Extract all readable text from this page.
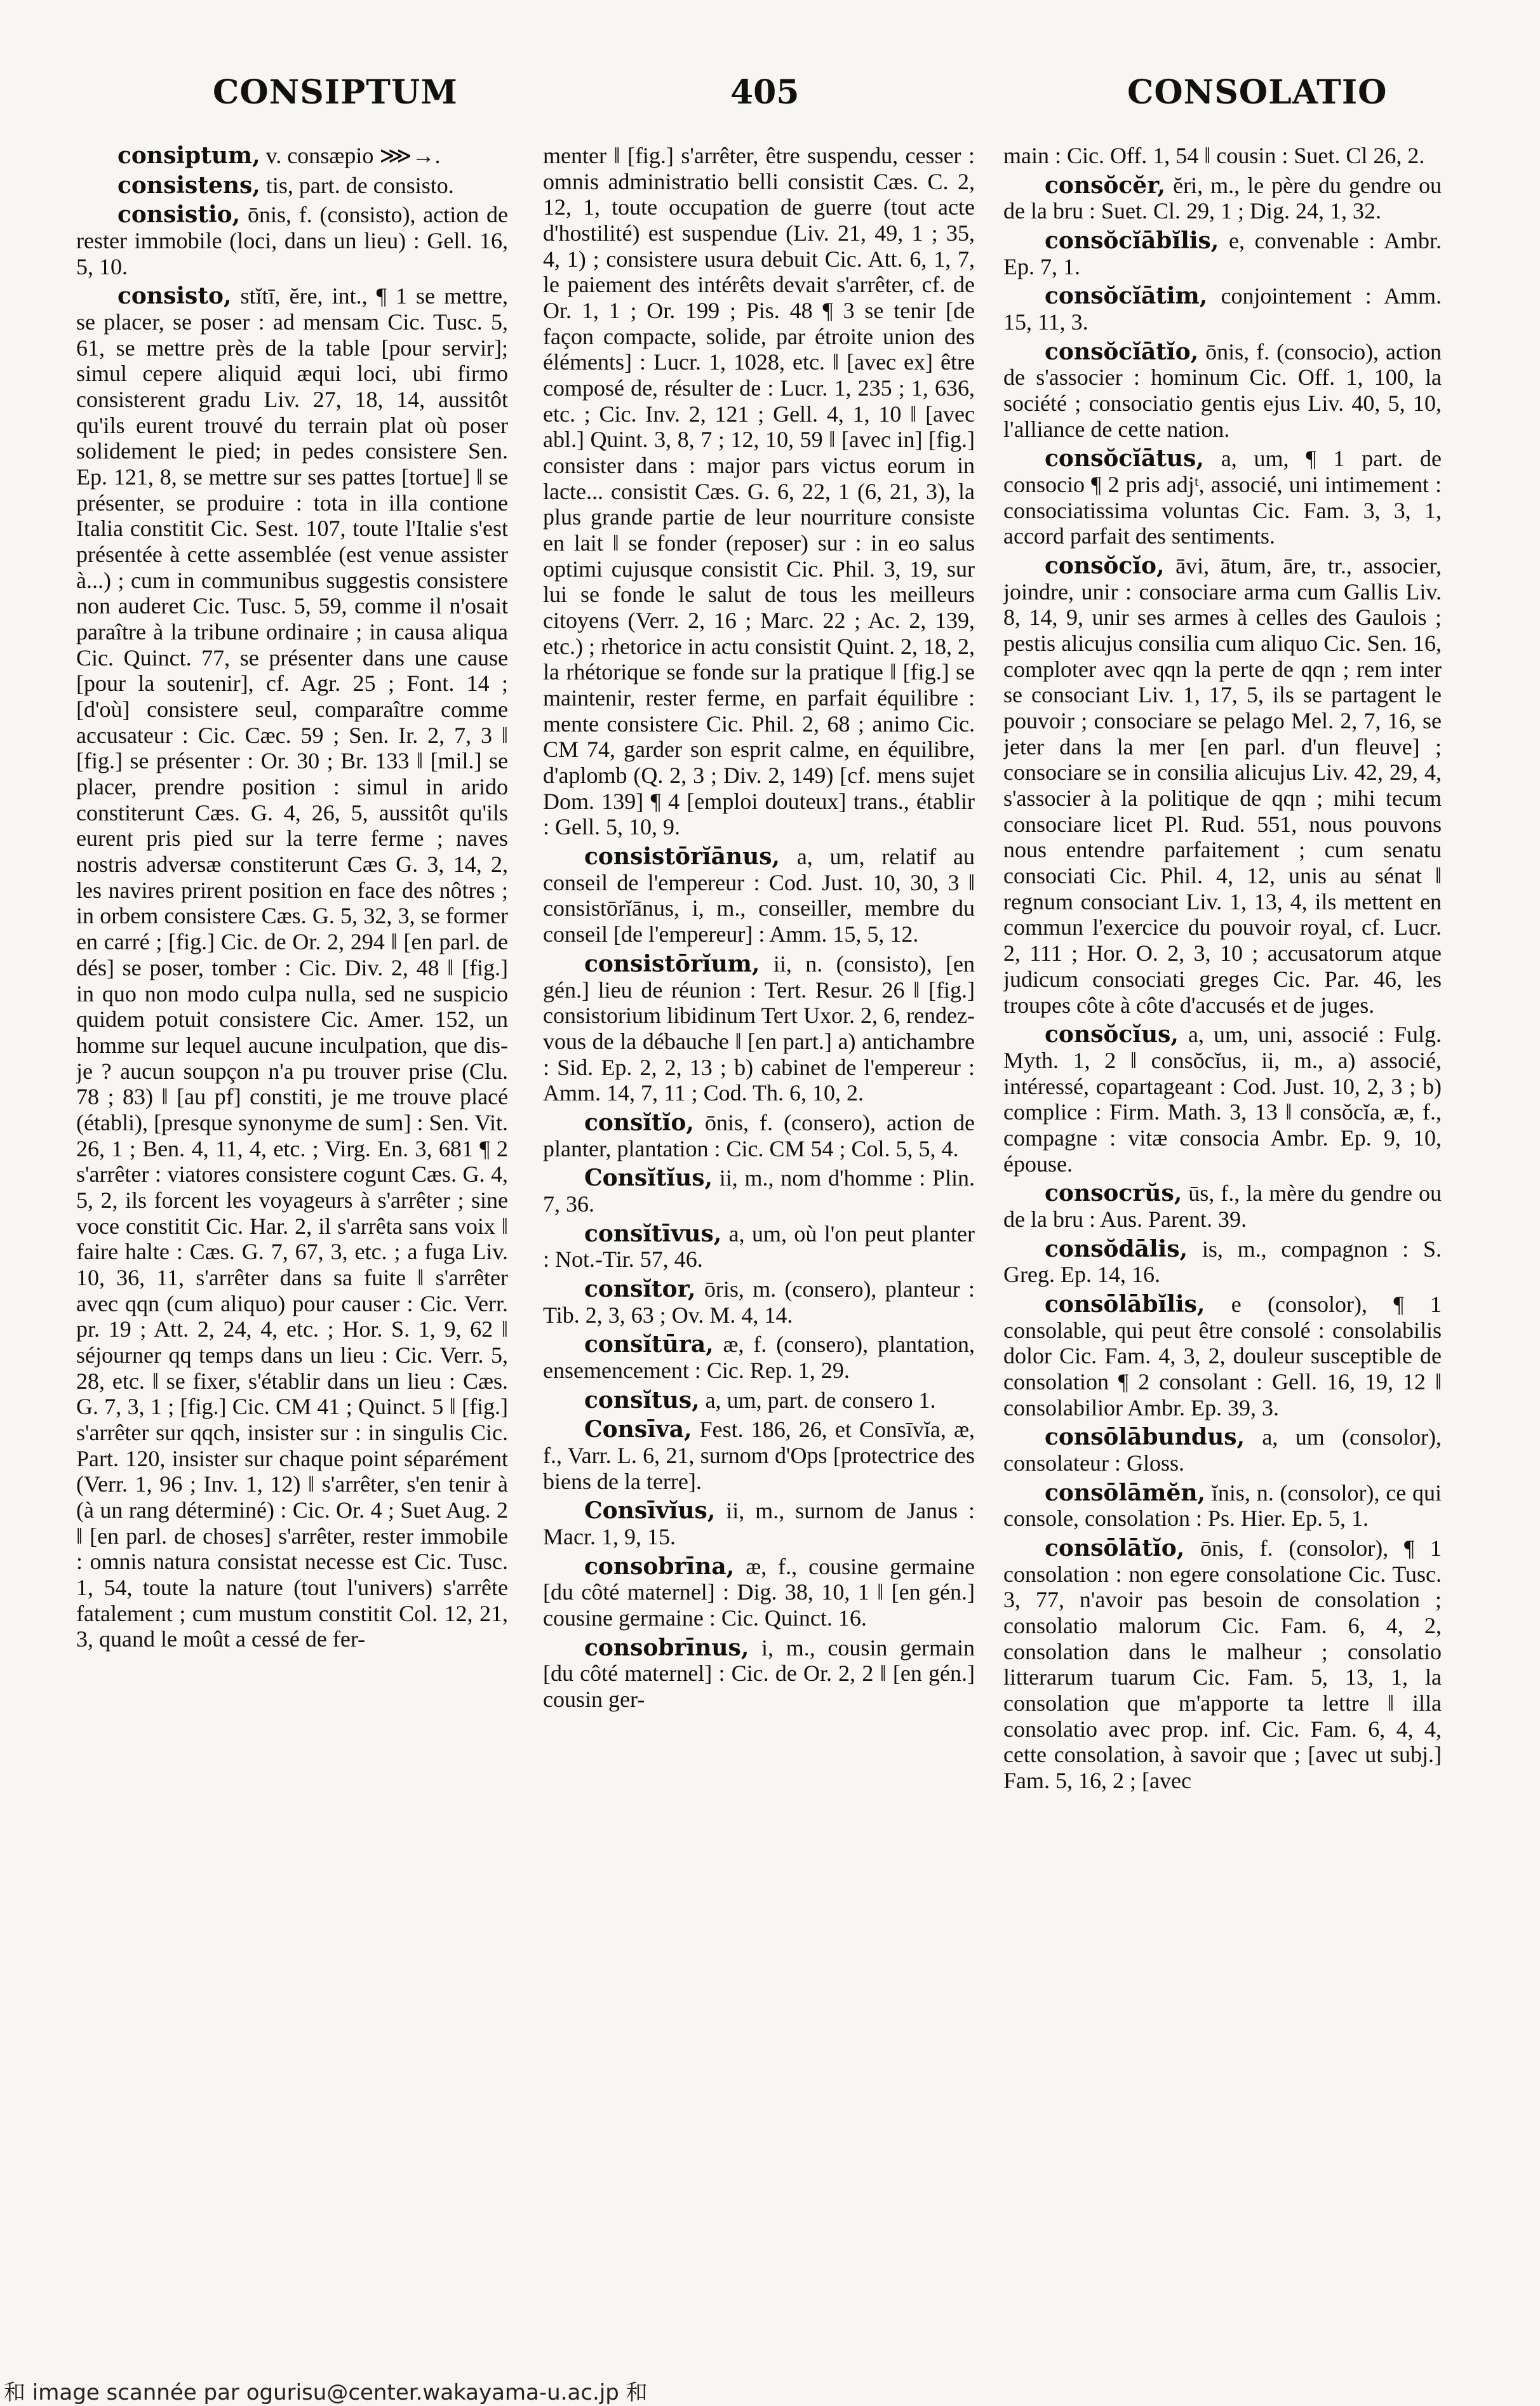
CONSIPTUM	405	CONSOLATIO

consiptum, v. consæpio ⋙→.

consistens, tis, part. de consisto.

consistio, ōnis, f. (consisto), action de rester immobile (loci, dans un lieu) : Gell. 16, 5, 10.

consisto, stĭtī, ĕre, int., ¶ 1 se mettre, se placer, se poser : ad mensam Cic. Tusc. 5, 61, se mettre près de la table [pour servir]; simul cepere aliquid æqui loci, ubi firmo consisterent gradu Liv. 27, 18, 14, aussitôt qu'ils eurent trouvé du terrain plat où poser solidement le pied; in pedes consistere Sen. Ep. 121, 8, se mettre sur ses pattes [tortue] ‖ se présenter, se produire : tota in illa contione Italia constitit Cic. Sest. 107, toute l'Italie s'est présentée à cette assemblée (est venue assister à...) ; cum in communibus suggestis consistere non auderet Cic. Tusc. 5, 59, comme il n'osait paraître à la tribune ordinaire ; in causa aliqua Cic. Quinct. 77, se présenter dans une cause [pour la soutenir], cf. Agr. 25 ; Font. 14 ; [d'où] consistere seul, comparaître comme accusateur : Cic. Cæc. 59 ; Sen. Ir. 2, 7, 3 ‖ [fig.] se présenter : Or. 30 ; Br. 133 ‖ [mil.] se placer, prendre position : simul in arido constiterunt Cæs. G. 4, 26, 5, aussitôt qu'ils eurent pris pied sur la terre ferme ; naves nostris adversæ constiterunt Cæs G. 3, 14, 2, les navires prirent position en face des nôtres ; in orbem consistere Cæs. G. 5, 32, 3, se former en carré ; [fig.] Cic. de Or. 2, 294 ‖ [en parl. de dés] se poser, tomber : Cic. Div. 2, 48 ‖ [fig.] in quo non modo culpa nulla, sed ne suspicio quidem potuit consistere Cic. Amer. 152, un homme sur lequel aucune inculpation, que dis-je ? aucun soupçon n'a pu trouver prise (Clu. 78 ; 83) ‖ [au pf] constiti, je me trouve placé (établi), [presque synonyme de sum] : Sen. Vit. 26, 1 ; Ben. 4, 11, 4, etc. ; Virg. En. 3, 681 ¶ 2 s'arrêter : viatores consistere cogunt Cæs. G. 4, 5, 2, ils forcent les voyageurs à s'arrêter ; sine voce constitit Cic. Har. 2, il s'arrêta sans voix ‖ faire halte : Cæs. G. 7, 67, 3, etc. ; a fuga Liv. 10, 36, 11, s'arrêter dans sa fuite ‖ s'arrêter avec qqn (cum aliquo) pour causer : Cic. Verr. pr. 19 ; Att. 2, 24, 4, etc. ; Hor. S. 1, 9, 62 ‖ séjourner qq temps dans un lieu : Cic. Verr. 5, 28, etc. ‖ se fixer, s'établir dans un lieu : Cæs. G. 7, 3, 1 ; [fig.] Cic. CM 41 ; Quinct. 5 ‖ [fig.] s'arrêter sur qqch, insister sur : in singulis Cic. Part. 120, insister sur chaque point séparément (Verr. 1, 96 ; Inv. 1, 12) ‖ s'arrêter, s'en tenir à (à un rang déterminé) : Cic. Or. 4 ; Suet Aug. 2 ‖ [en parl. de choses] s'arrêter, rester immobile : omnis natura consistat necesse est Cic. Tusc. 1, 54, toute la nature (tout l'univers) s'arrête fatalement ; cum mustum constitit Col. 12, 21, 3, quand le moût a cessé de fer-

menter ‖ [fig.] s'arrêter, être suspendu, cesser : omnis administratio belli consistit Cæs. C. 2, 12, 1, toute occupation de guerre (tout acte d'hostilité) est suspendue (Liv. 21, 49, 1 ; 35, 4, 1) ; consistere usura debuit Cic. Att. 6, 1, 7, le paiement des intérêts devait s'arrêter, cf. de Or. 1, 1 ; Or. 199 ; Pis. 48 ¶ 3 se tenir [de façon compacte, solide, par étroite union des éléments] : Lucr. 1, 1028, etc. ‖ [avec ex] être composé de, résulter de : Lucr. 1, 235 ; 1, 636, etc. ; Cic. Inv. 2, 121 ; Gell. 4, 1, 10 ‖ [avec abl.] Quint. 3, 8, 7 ; 12, 10, 59 ‖ [avec in] [fig.] consister dans : major pars victus eorum in lacte... consistit Cæs. G. 6, 22, 1 (6, 21, 3), la plus grande partie de leur nourriture consiste en lait ‖ se fonder (reposer) sur : in eo salus optimi cujusque consistit Cic. Phil. 3, 19, sur lui se fonde le salut de tous les meilleurs citoyens (Verr. 2, 16 ; Marc. 22 ; Ac. 2, 139, etc.) ; rhetorice in actu consistit Quint. 2, 18, 2, la rhétorique se fonde sur la pratique ‖ [fig.] se maintenir, rester ferme, en parfait équilibre : mente consistere Cic. Phil. 2, 68 ; animo Cic. CM 74, garder son esprit calme, en équilibre, d'aplomb (Q. 2, 3 ; Div. 2, 149) [cf. mens sujet Dom. 139] ¶ 4 [emploi douteux] trans., établir : Gell. 5, 10, 9.

consistōrĭānus, a, um, relatif au conseil de l'empereur : Cod. Just. 10, 30, 3 ‖ consistōrĭānus, i, m., conseiller, membre du conseil [de l'empereur] : Amm. 15, 5, 12.

consistōrĭum, ii, n. (consisto), [en gén.] lieu de réunion : Tert. Resur. 26 ‖ [fig.] consistorium libidinum Tert Uxor. 2, 6, rendez-vous de la débauche ‖ [en part.] a) antichambre : Sid. Ep. 2, 2, 13 ; b) cabinet de l'empereur : Amm. 14, 7, 11 ; Cod. Th. 6, 10, 2.

consĭtĭo, ōnis, f. (consero), action de planter, plantation : Cic. CM 54 ; Col. 5, 5, 4.

Consĭtĭus, ii, m., nom d'homme : Plin. 7, 36.

consĭtīvus, a, um, où l'on peut planter : Not.-Tir. 57, 46.

consĭtor, ōris, m. (consero), planteur : Tib. 2, 3, 63 ; Ov. M. 4, 14.

consĭtūra, æ, f. (consero), plantation, ensemencement : Cic. Rep. 1, 29.

consĭtus, a, um, part. de consero 1.

Consīva, Fest. 186, 26, et Consīvĭa, æ, f., Varr. L. 6, 21, surnom d'Ops [protectrice des biens de la terre].

Consīvĭus, ii, m., surnom de Janus : Macr. 1, 9, 15.

consobrīna, æ, f., cousine germaine [du côté maternel] : Dig. 38, 10, 1 ‖ [en gén.] cousine germaine : Cic. Quinct. 16.

consobrīnus, i, m., cousin germain [du côté maternel] : Cic. de Or. 2, 2 ‖ [en gén.] cousin ger-

main : Cic. Off. 1, 54 ‖ cousin : Suet. Cl 26, 2.

consŏcĕr, ĕri, m., le père du gendre ou de la bru : Suet. Cl. 29, 1 ; Dig. 24, 1, 32.

consŏcĭābĭlis, e, convenable : Ambr. Ep. 7, 1.

consŏcĭātim, conjointement : Amm. 15, 11, 3.

consŏcĭātĭo, ōnis, f. (consocio), action de s'associer : hominum Cic. Off. 1, 100, la société ; consociatio gentis ejus Liv. 40, 5, 10, l'alliance de cette nation.

consŏcĭātus, a, um, ¶ 1 part. de consocio ¶ 2 pris adjᵗ, associé, uni intimement : consociatissima voluntas Cic. Fam. 3, 3, 1, accord parfait des sentiments.

consŏcĭo, āvi, ātum, āre, tr., associer, joindre, unir : consociare arma cum Gallis Liv. 8, 14, 9, unir ses armes à celles des Gaulois ; pestis alicujus consilia cum aliquo Cic. Sen. 16, comploter avec qqn la perte de qqn ; rem inter se consociant Liv. 1, 17, 5, ils se partagent le pouvoir ; consociare se pelago Mel. 2, 7, 16, se jeter dans la mer [en parl. d'un fleuve] ; consociare se in consilia alicujus Liv. 42, 29, 4, s'associer à la politique de qqn ; mihi tecum consociare licet Pl. Rud. 551, nous pouvons nous entendre parfaitement ; cum senatu consociati Cic. Phil. 4, 12, unis au sénat ‖ regnum consociant Liv. 1, 13, 4, ils mettent en commun l'exercice du pouvoir royal, cf. Lucr. 2, 111 ; Hor. O. 2, 3, 10 ; accusatorum atque judicum consociati greges Cic. Par. 46, les troupes côte à côte d'accusés et de juges.

consŏcĭus, a, um, uni, associé : Fulg. Myth. 1, 2 ‖ consŏcĭus, ii, m., a) associé, intéressé, copartageant : Cod. Just. 10, 2, 3 ; b) complice : Firm. Math. 3, 13 ‖ consŏcĭa, æ, f., compagne : vitæ consocia Ambr. Ep. 9, 10, épouse.

consocrŭs, ūs, f., la mère du gendre ou de la bru : Aus. Parent. 39.

consŏdālis, is, m., compagnon : S. Greg. Ep. 14, 16.

consōlābĭlis, e (consolor), ¶ 1 consolable, qui peut être consolé : consolabilis dolor Cic. Fam. 4, 3, 2, douleur susceptible de consolation ¶ 2 consolant : Gell. 16, 19, 12 ‖ consolabilior Ambr. Ep. 39, 3.

consōlābundus, a, um (consolor), consolateur : Gloss.

consōlāmĕn, ĭnis, n. (consolor), ce qui console, consolation : Ps. Hier. Ep. 5, 1.

consōlātĭo, ōnis, f. (consolor), ¶ 1 consolation : non egere consolatione Cic. Tusc. 3, 77, n'avoir pas besoin de consolation ; consolatio malorum Cic. Fam. 6, 4, 2, consolation dans le malheur ; consolatio litterarum tuarum Cic. Fam. 5, 13, 1, la consolation que m'apporte ta lettre ‖ illa consolatio avec prop. inf. Cic. Fam. 6, 4, 4, cette consolation, à savoir que ; [avec ut subj.] Fam. 5, 16, 2 ; [avec

和 image scannée par ogurisu@center.wakayama-u.ac.jp 和
